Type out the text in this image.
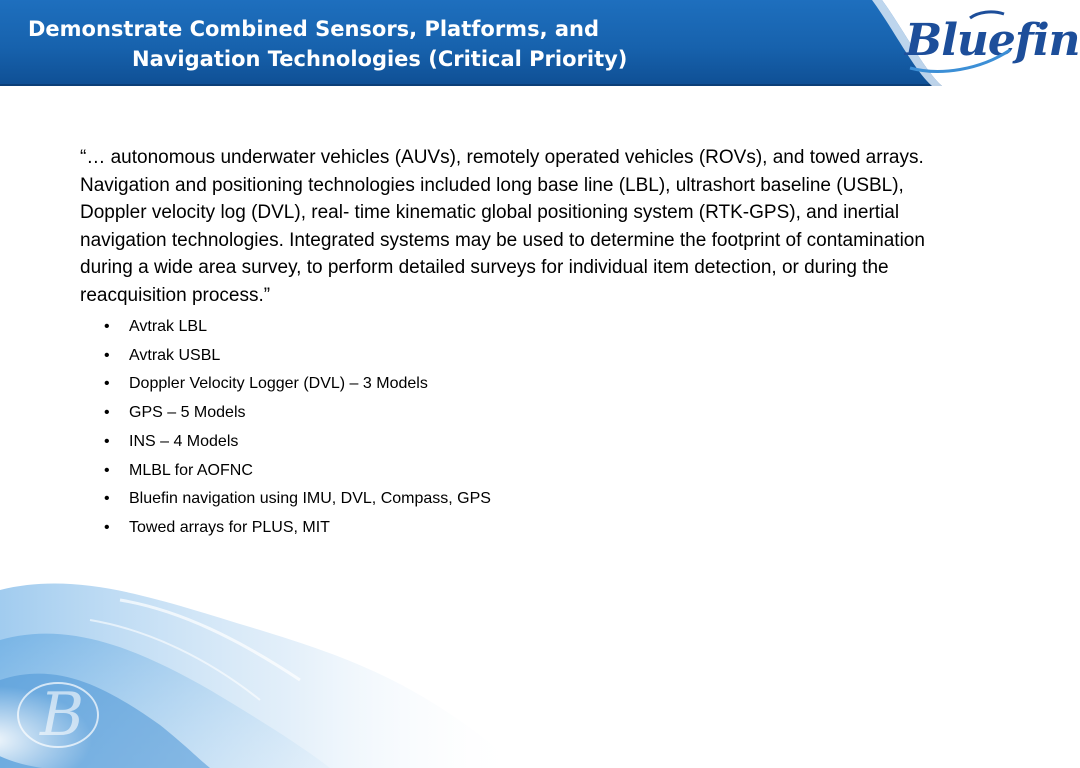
Demonstrate Combined Sensors, Platforms, and
Navigation Technologies (Critical Priority)	Bluefin

“… autonomous underwater vehicles (AUVs), remotely operated vehicles (ROVs), and towed arrays. Navigation and positioning technologies included long base line (LBL), ultrashort baseline (USBL), Doppler velocity log (DVL), real- time kinematic global positioning system (RTK-GPS), and inertial navigation technologies. Integrated systems may be used to determine the footprint of contamination during a wide area survey, to perform detailed surveys for individual item detection, or during the reacquisition process.”

• Avtrak LBL
• Avtrak USBL
• Doppler Velocity Logger (DVL) – 3 Models
• GPS – 5 Models
• INS – 4 Models
• MLBL for AOFNC
• Bluefin navigation using IMU, DVL, Compass, GPS
• Towed arrays for PLUS, MIT
B
